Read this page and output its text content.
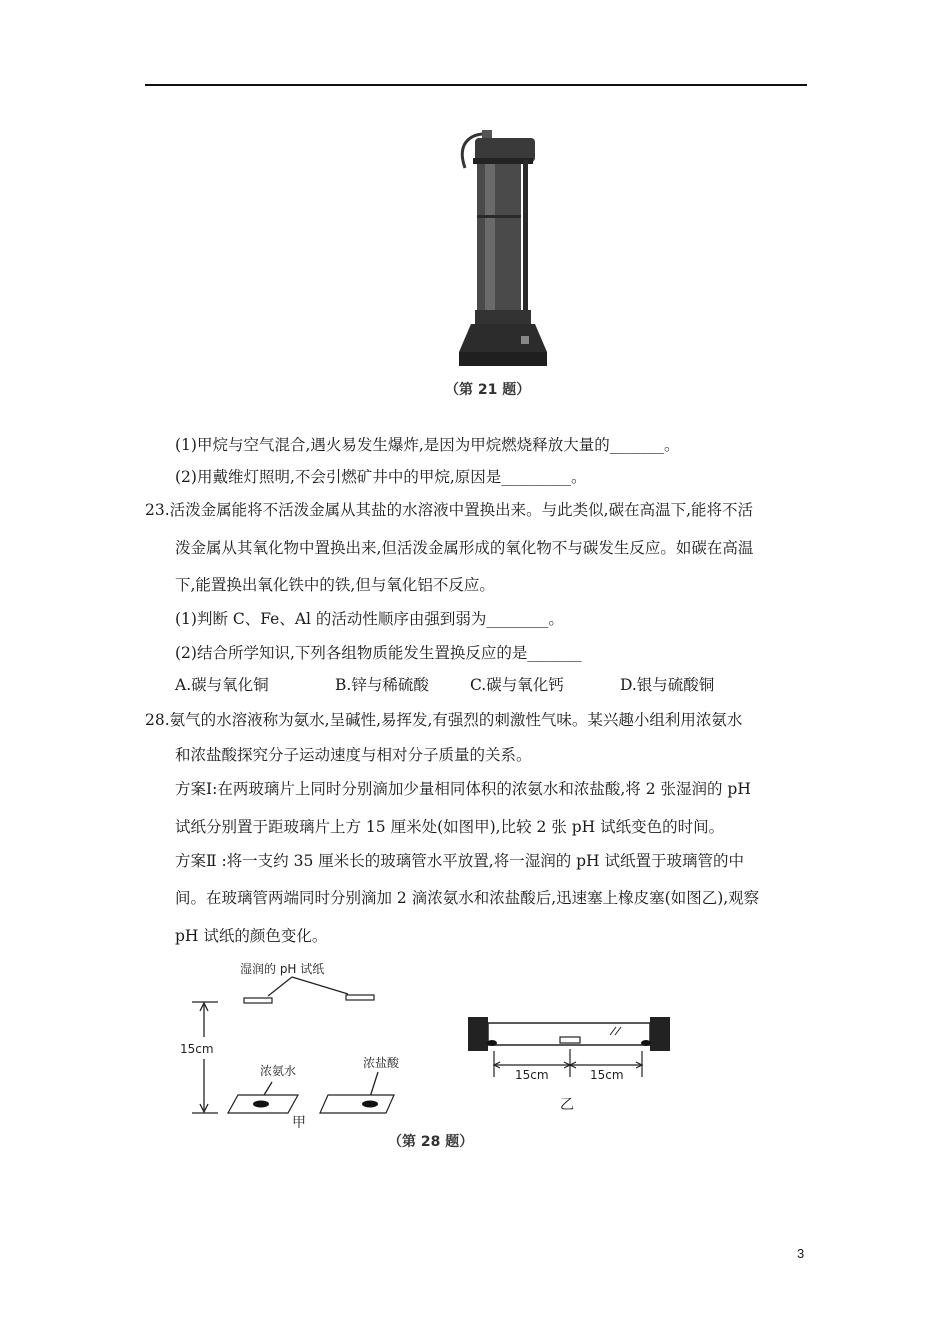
（第 21 题）
(1)甲烷与空气混合,遇火易发生爆炸,是因为甲烷燃烧释放大量的_______。
(2)用戴维灯照明,不会引燃矿井中的甲烷,原因是_________。
23.活泼金属能将不活泼金属从其盐的水溶液中置换出来。与此类似,碳在高温下,能将不活
泼金属从其氧化物中置换出来,但活泼金属形成的氧化物不与碳发生反应。如碳在高温
下,能置换出氧化铁中的铁,但与氧化铝不反应。
(1)判断 C、Fe、Al 的活动性顺序由强到弱为________。
(2)结合所学知识,下列各组物质能发生置换反应的是_______
A.碳与氧化铜	B.锌与稀硫酸	C.碳与氧化钙	D.银与硫酸铜
28.氨气的水溶液称为氨水,呈碱性,易挥发,有强烈的刺激性气味。某兴趣小组利用浓氨水
和浓盐酸探究分子运动速度与相对分子质量的关系。
方案Ⅰ:在两玻璃片上同时分别滴加少量相同体积的浓氨水和浓盐酸,将 2 张湿润的 pH
试纸分别置于距玻璃片上方 15 厘米处(如图甲),比较 2 张 pH 试纸变色的时间。
方案Ⅱ :将一支约 35 厘米长的玻璃管水平放置,将一湿润的 pH 试纸置于玻璃管的中
间。在玻璃管两端同时分别滴加 2 滴浓氨水和浓盐酸后,迅速塞上橡皮塞(如图乙),观察
pH 试纸的颜色变化。
湿润的 pH 试纸
15cm
浓氨水
浓盐酸
甲
15cm	15cm
乙
（第 28 题）
3
